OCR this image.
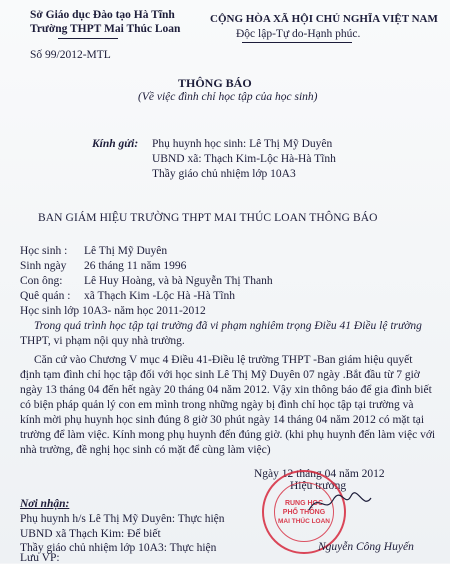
Sở Giáo dục Đào tạo Hà Tĩnh
Trường THPT Mai Thúc Loan
Số 99/2012-MTL
CỘNG HÒA XÃ HỘI CHỦ NGHĨA VIỆT NAM
Độc lập-Tự do-Hạnh phúc.
THÔNG BÁO
(Về việc đình chỉ học tập của học sinh)
Kính gửi: Phụ huynh học sinh: Lê Thị Mỹ Duyên
UBND xã: Thạch Kim-Lộc Hà-Hà Tĩnh
Thầy giáo chủ nhiệm lớp 10A3
BAN GIÁM HIỆU TRƯỜNG THPT MAI THÚC LOAN THÔNG BÁO
Học sinh : Lê Thị Mỹ Duyên
Sinh ngày 26 tháng 11 năm 1996
Con ông: Lê Huy Hoàng, và bà Nguyễn Thị Thanh
Quê quán : xã Thạch Kim -Lộc Hà -Hà Tĩnh
Học sinh lớp 10A3- năm học 2011-2012
Trong quá trình học tập tại trường đã vi phạm nghiêm trọng Điều 41 Điều lệ trường
THPT, vi phạm nội quy nhà trường.
Căn cứ vào Chương V mục 4 Điều 41-Điều lệ trường THPT -Ban giám hiệu quyết
định tạm đình chỉ học tập đối với học sinh Lê Thị Mỹ Duyên 07 ngày .Bắt đầu từ 7 giờ
ngày 13 tháng 04 đến hết ngày 20 tháng 04 năm 2012. Vậy xin thông báo để gia đình biết
có biện pháp quản lý con em mình trong những ngày bị đình chỉ học tập tại trường và
kính mời phụ huynh học sinh đúng 8 giờ 30 phút ngày 14 tháng 04 năm 2012 có mặt tại
trường để làm việc. Kính mong phụ huynh đến đúng giờ. (khi phụ huynh đến làm việc với
nhà trường, đề nghị học sinh có mặt để cùng làm việc)
Ngày 12 tháng 04 năm 2012
Hiệu trưởng
Nơi nhận:
Phụ huynh h/s Lê Thị Mỹ Duyên: Thực hiện
UBND xã Thạch Kim: Để biết
Thầy giáo chủ nhiệm lớp 10A3: Thực hiện
Lưu VP:
RUNG HOC
PHỔ THÔNG
MAI THÚC LOAN
Nguyễn Công Huyến
